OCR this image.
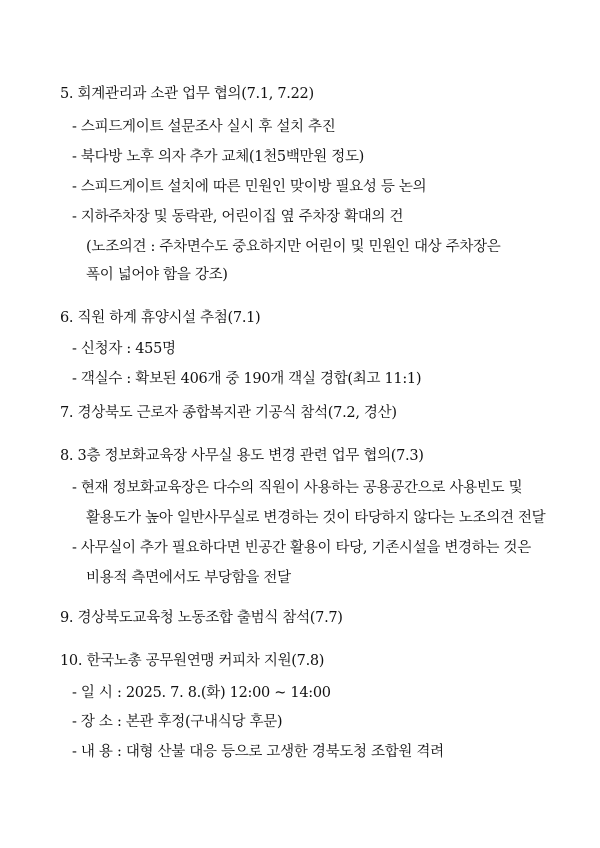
5. 회계관리과 소관 업무 협의(7.1, 7.22)
- 스피드게이트 설문조사 실시 후 설치 추진
- 북다방 노후 의자 추가 교체(1천5백만원 정도)
- 스피드게이트 설치에 따른 민원인 맞이방 필요성 등 논의
- 지하주차장 및 동락관, 어린이집 옆 주차장 확대의 건
(노조의견 : 주차면수도 중요하지만 어린이 및 민원인 대상 주차장은
폭이 넓어야 함을 강조)
6. 직원 하계 휴양시설 추첨(7.1)
- 신청자 : 455명
- 객실수 : 확보된 406개 중 190개 객실 경합(최고 11:1)
7. 경상북도 근로자 종합복지관 기공식 참석(7.2, 경산)
8. 3층 정보화교육장 사무실 용도 변경 관련 업무 협의(7.3)
- 현재 정보화교육장은 다수의 직원이 사용하는 공용공간으로 사용빈도 및
활용도가 높아 일반사무실로 변경하는 것이 타당하지 않다는 노조의견 전달
- 사무실이 추가 필요하다면 빈공간 활용이 타당, 기존시설을 변경하는 것은
비용적 측면에서도 부당함을 전달
9. 경상북도교육청 노동조합 출범식 참석(7.7)
10. 한국노총 공무원연맹 커피차 지원(7.8)
- 일 시 : 2025. 7. 8.(화) 12:00 ~ 14:00
- 장 소 : 본관 후정(구내식당 후문)
- 내 용 : 대형 산불 대응 등으로 고생한 경북도청 조합원 격려
